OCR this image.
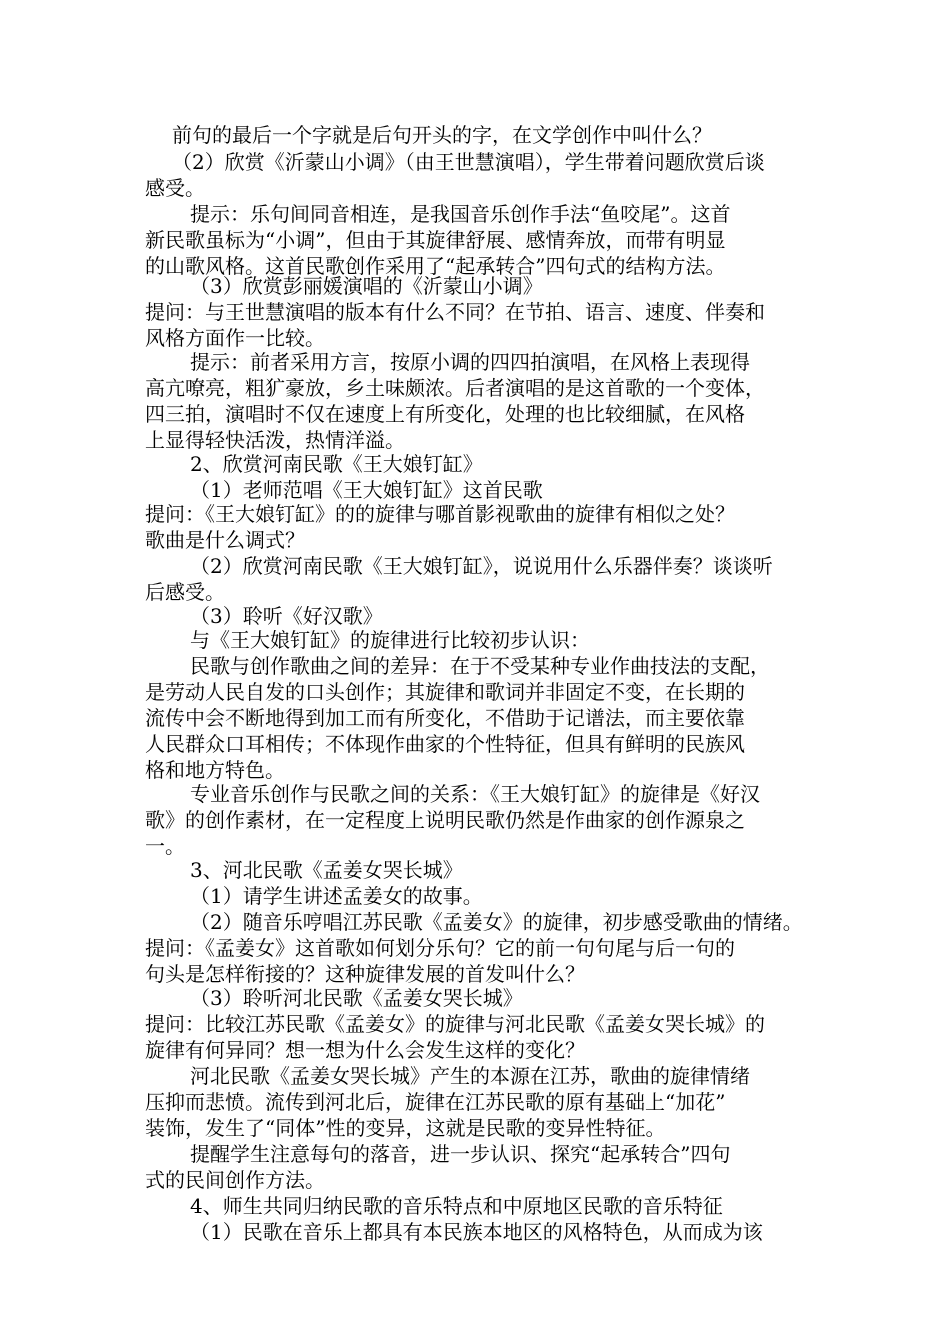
前句的最后一个字就是后句开头的字，在文学创作中叫什么？
（2）欣赏《沂蒙山小调》（由王世慧演唱），学生带着问题欣赏后谈
感受。
提示：乐句间同音相连，是我国音乐创作手法“鱼咬尾”。这首
新民歌虽标为“小调”，但由于其旋律舒展、感情奔放，而带有明显
的山歌风格。这首民歌创作采用了“起承转合”四句式的结构方法。
（3）欣赏彭丽媛演唱的《沂蒙山小调》
提问：与王世慧演唱的版本有什么不同？在节拍、语言、速度、伴奏和
风格方面作一比较。
提示：前者采用方言，按原小调的四四拍演唱，在风格上表现得
高亢嘹亮，粗犷豪放，乡土味颇浓。后者演唱的是这首歌的一个变体，
四三拍，演唱时不仅在速度上有所变化，处理的也比较细腻，在风格
上显得轻快活泼，热情洋溢。
2、欣赏河南民歌《王大娘钉缸》
（1）老师范唱《王大娘钉缸》这首民歌
提问：《王大娘钉缸》的的旋律与哪首影视歌曲的旋律有相似之处？
歌曲是什么调式？
（2）欣赏河南民歌《王大娘钉缸》，说说用什么乐器伴奏？谈谈听
后感受。
（3）聆听《好汉歌》
与《王大娘钉缸》的旋律进行比较初步认识：
民歌与创作歌曲之间的差异：在于不受某种专业作曲技法的支配，
是劳动人民自发的口头创作；其旋律和歌词并非固定不变，在长期的
流传中会不断地得到加工而有所变化，不借助于记谱法，而主要依靠
人民群众口耳相传；不体现作曲家的个性特征，但具有鲜明的民族风
格和地方特色。
专业音乐创作与民歌之间的关系：《王大娘钉缸》的旋律是《好汉
歌》的创作素材，在一定程度上说明民歌仍然是作曲家的创作源泉之
一。
3、河北民歌《孟姜女哭长城》
（1）请学生讲述孟姜女的故事。
（2）随音乐哼唱江苏民歌《孟姜女》的旋律，初步感受歌曲的情绪。
提问：《孟姜女》这首歌如何划分乐句？它的前一句句尾与后一句的
句头是怎样衔接的？这种旋律发展的首发叫什么？
（3）聆听河北民歌《孟姜女哭长城》
提问：比较江苏民歌《孟姜女》的旋律与河北民歌《孟姜女哭长城》的
旋律有何异同？想一想为什么会发生这样的变化？
河北民歌《孟姜女哭长城》产生的本源在江苏，歌曲的旋律情绪
压抑而悲愤。流传到河北后，旋律在江苏民歌的原有基础上“加花”
装饰，发生了“同体”性的变异，这就是民歌的变异性特征。
提醒学生注意每句的落音，进一步认识、探究“起承转合”四句
式的民间创作方法。
4、师生共同归纳民歌的音乐特点和中原地区民歌的音乐特征
（1）民歌在音乐上都具有本民族本地区的风格特色，从而成为该
